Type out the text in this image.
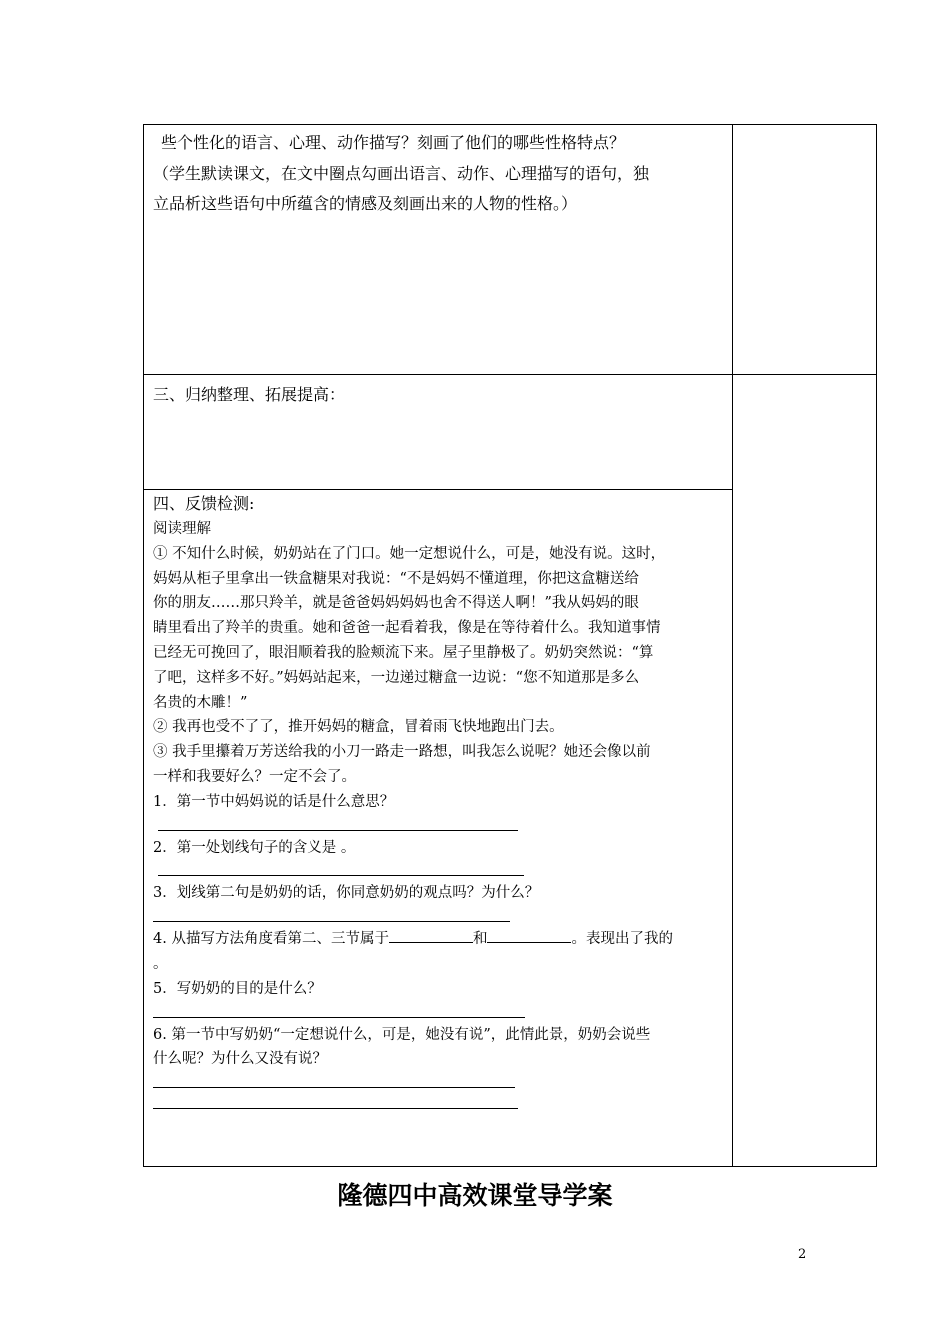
些个性化的语言、心理、动作描写？刻画了他们的哪些性格特点？

（学生默读课文，在文中圈点勾画出语言、动作、心理描写的语句，独

立品析这些语句中所蕴含的情感及刻画出来的人物的性格。）

三、归纳整理、拓展提高：

四、反馈检测:

阅读理解

① 不知什么时候，奶奶站在了门口。她一定想说什么，可是，她没有说。这时，

妈妈从柜子里拿出一铁盒糖果对我说：“不是妈妈不懂道理，你把这盒糖送给

你的朋友……那只羚羊，就是爸爸妈妈妈妈也舍不得送人啊！”我从妈妈的眼

睛里看出了羚羊的贵重。她和爸爸一起看着我，像是在等待着什么。我知道事情

已经无可挽回了，眼泪顺着我的脸颊流下来。屋子里静极了。奶奶突然说：“算

了吧，这样多不好。”妈妈站起来，一边递过糖盒一边说：“您不知道那是多么

名贵的木雕！”

② 我再也受不了了，推开妈妈的糖盒，冒着雨飞快地跑出门去。

③ 我手里攥着万芳送给我的小刀一路走一路想，叫我怎么说呢？她还会像以前

一样和我要好么？一定不会了。

1．第一节中妈妈说的话是什么意思？

2．第一处划线句子的含义是 。

3．划线第二句是奶奶的话，你同意奶奶的观点吗？为什么？

4. 从描写方法角度看第二、三节属于	和	。表现出了我的

。

5．写奶奶的目的是什么？

6. 第一节中写奶奶“一定想说什么，可是，她没有说”，此情此景，奶奶会说些

什么呢？为什么又没有说？

隆德四中高效课堂导学案
2
